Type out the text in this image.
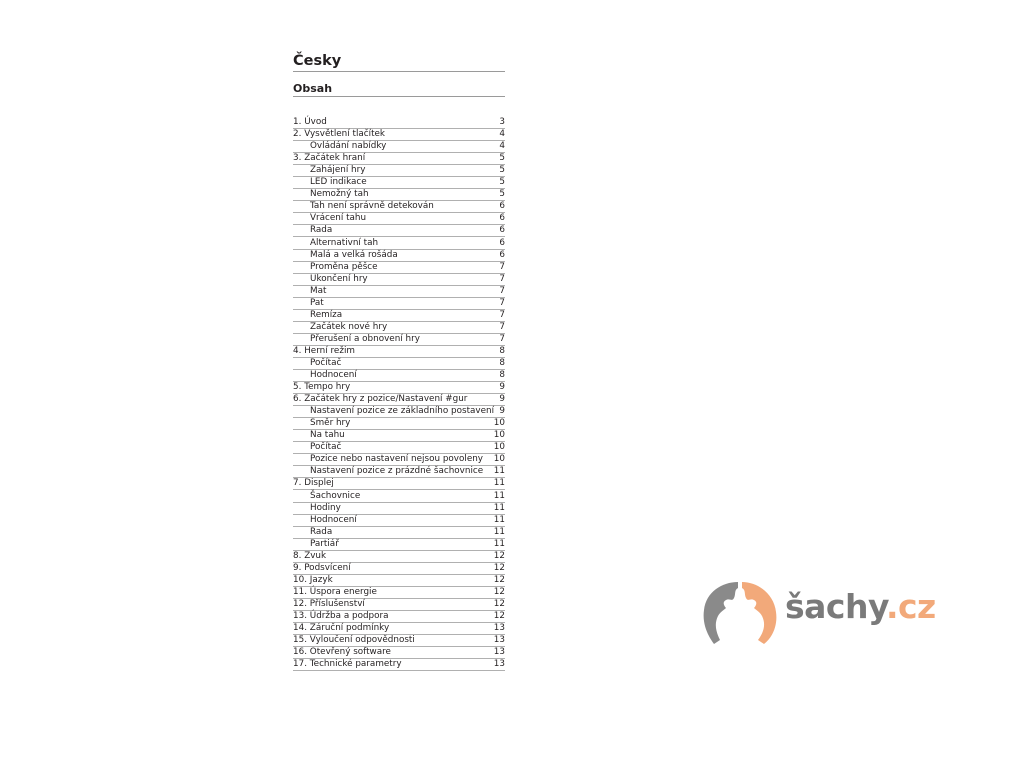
Česky
Obsah
1. Úvod	3
2. Vysvětlení tlačítek	4
Ovládání nabídky	4
3. Začátek hraní	5
Zahájení hry	5
LED indikace	5
Nemožný tah	5
Tah není správně detekován	6
Vrácení tahu	6
Rada	6
Alternativní tah	6
Malá a velká rošáda	6
Proměna pěšce	7
Ukončení hry	7
Mat	7
Pat	7
Remíza	7
Začátek nové hry	7
Přerušení a obnovení hry	7
4. Herní režim	8
Počítač	8
Hodnocení	8
5. Tempo hry	9
6. Začátek hry z pozice/Nastavení #gur	9
Nastavení pozice ze základního postavení 9
Směr hry	10
Na tahu	10
Počítač	10
Pozice nebo nastavení nejsou povoleny	10
Nastavení pozice z prázdné šachovnice	11
7. Displej	11
Šachovnice	11
Hodiny	11
Hodnocení	11
Rada	11
Partiář	11
8. Zvuk	12
9. Podsvícení	12
10. Jazyk	12
11. Úspora energie	12
12. Příslušenství	12
13. Údržba a podpora	12
14. Záruční podmínky	13
15. Vyloučení odpovědnosti	13
16. Otevřený software	13
17. Technické parametry	13
šachy.cz
